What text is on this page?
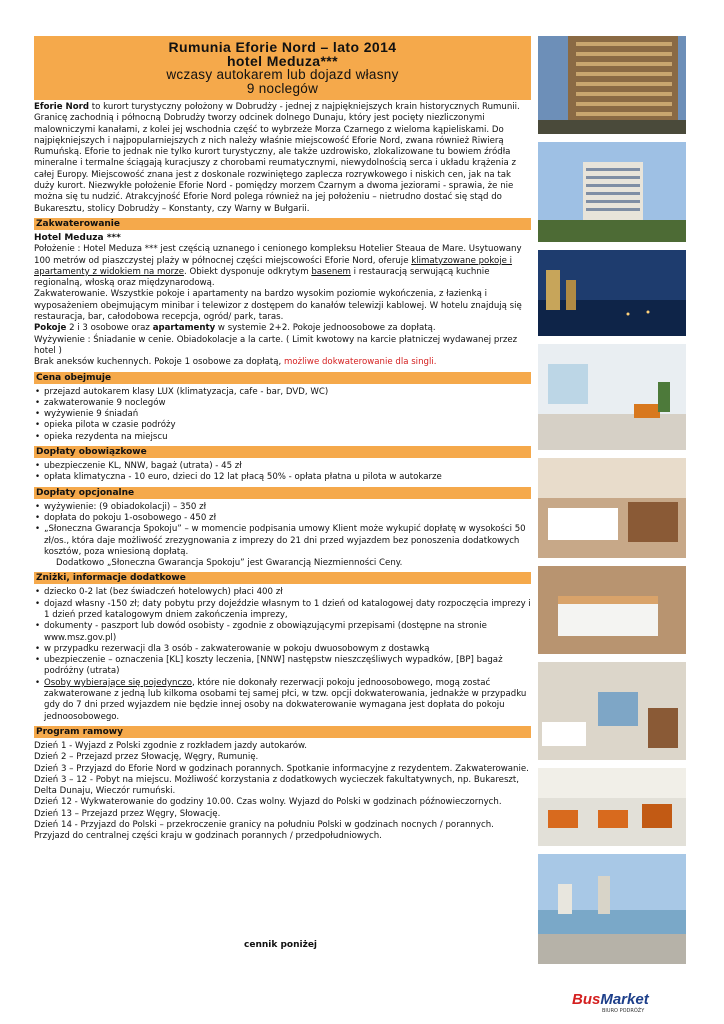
Rumunia Eforie Nord – lato 2014
hotel Meduza***
wczasy autokarem lub dojazd własny
9 noclegów

Eforie Nord to kurort turystyczny położony w Dobrudży - jednej z najpiękniejszych krain historycznych Rumunii. Granicę zachodnią i północną Dobrudży tworzy odcinek dolnego Dunaju, który jest pocięty niezliczonymi malowniczymi kanałami, z kolei jej wschodnia część to wybrzeże Morza Czarnego z wieloma kąpieliskami. Do najpiękniejszych i najpopularniejszych z nich należy właśnie miejscowość Eforie Nord, zwana również Riwierą Rumuńską. Eforie to jednak nie tylko kurort turystyczny, ale także uzdrowisko, zlokalizowane tu bowiem źródła mineralne i termalne ściągają kuracjuszy z chorobami reumatycznymi, niewydolnością serca i układu krążenia z całej Europy. Miejscowość znana jest z doskonale rozwiniętego zaplecza rozrywkowego i niskich cen, jak na tak duży kurort. Niezwykłe położenie Eforie Nord - pomiędzy morzem Czarnym a dwoma jeziorami - sprawia, że nie można się tu nudzić. Atrakcyjność Eforie Nord polega również na jej położeniu – nietrudno dostać się stąd do Bukaresztu, stolicy Dobrudży – Konstanty, czy Warny w Bułgarii.

Zakwaterowanie
Hotel Meduza ***

Położenie : Hotel Meduza *** jest częścią uznanego i cenionego kompleksu Hotelier Steaua de Mare. Usytuowany 100 metrów od piaszczystej plaży w północnej części miejscowości Eforie Nord, oferuje klimatyzowane pokoje i apartamenty z widokiem na morze. Obiekt dysponuje odkrytym basenem i restauracją serwującą kuchnie regionalną, włoską oraz międzynarodową.

Zakwaterowanie. Wszystkie pokoje i apartamenty na bardzo wysokim poziomie wykończenia, z łazienką i wyposażeniem obejmującym minibar i telewizor z dostępem do kanałów telewizji kablowej. W hotelu znajdują się restauracja, bar, całodobowa recepcja, ogród/ park, taras.

Pokoje 2 i 3 osobowe oraz apartamenty w systemie 2+2. Pokoje jednoosobowe za dopłatą.

Wyżywienie : Śniadanie w cenie. Obiadokolacje a la carte. ( Limit kwotowy na karcie płatniczej wydawanej przez hotel )

Brak aneksów kuchennych. Pokoje 1 osobowe za dopłatą, możliwe dokwaterowanie dla singli.

Cena obejmuje
• przejazd autokarem klasy LUX (klimatyzacja, cafe - bar, DVD, WC)
• zakwaterowanie 9 noclegów
• wyżywienie 9 śniadań
• opieka pilota w czasie podróży
• opieka rezydenta na miejscu
Dopłaty obowiązkowe
• ubezpieczenie KL, NNW, bagaż (utrata) - 45 zł
• opłata klimatyczna - 10 euro, dzieci do 12 lat płacą 50% - opłata płatna u pilota w autokarze
Dopłaty opcjonalne
• wyżywienie: (9 obiadokolacji) – 350 zł
• dopłata do pokoju 1-osobowego - 450 zł
• „Słoneczna Gwarancja Spokoju” – w momencie podpisania umowy Klient może wykupić dopłatę w wysokości 50 zł/os., która daje możliwość zrezygnowania z imprezy do 21 dni przed wyjazdem bez ponoszenia dodatkowych kosztów, poza wniesioną dopłatą.

Dodatkowo „Słoneczna Gwarancja Spokoju” jest Gwarancją Niezmienności Ceny.

Zniżki, informacje dodatkowe
• dziecko 0-2 lat (bez świadczeń hotelowych) płaci 400 zł
• dojazd własny -150 zł; daty pobytu przy dojeździe własnym to 1 dzień od katalogowej daty rozpoczęcia imprezy i 1 dzień przed katalogowym dniem zakończenia imprezy,
• dokumenty - paszport lub dowód osobisty - zgodnie z obowiązującymi przepisami (dostępne na stronie www.msz.gov.pl)
• w przypadku rezerwacji dla 3 osób - zakwaterowanie w pokoju dwuosobowym z dostawką
• ubezpieczenie – oznaczenia [KL] koszty leczenia, [NNW] następstw nieszczęśliwych wypadków, [BP] bagaż podróżny (utrata)
• Osoby wybierające się pojedynczo, które nie dokonały rezerwacji pokoju jednoosobowego, mogą zostać zakwaterowane z jedną lub kilkoma osobami tej samej płci, w tzw. opcji dokwaterowania, jednakże w przypadku gdy do 7 dni przed wyjazdem nie będzie innej osoby na dokwaterowanie wymagana jest dopłata do pokoju jednoosobowego.
Program ramowy

Dzień 1 - Wyjazd z Polski zgodnie z rozkładem jazdy autokarów.

Dzień 2 – Przejazd przez Słowację, Węgry, Rumunię.

Dzień 3 – Przyjazd do Eforie Nord w godzinach porannych. Spotkanie informacyjne z rezydentem. Zakwaterowanie.

Dzień 3 – 12 - Pobyt na miejscu. Możliwość korzystania z dodatkowych wycieczek fakultatywnych, np. Bukareszt, Delta Dunaju, Wieczór rumuński.

Dzień 12 - Wykwaterowanie do godziny 10.00. Czas wolny. Wyjazd do Polski w godzinach późnowieczornych.

Dzień 13 – Przejazd przez Węgry, Słowację.

Dzień 14 - Przyjazd do Polski – przekroczenie granicy na południu Polski w godzinach nocnych / porannych. Przyjazd do centralnej części kraju w godzinach porannych / przedpołudniowych.

cennik poniżej

BusMarket
BIURO PODRÓŻY
